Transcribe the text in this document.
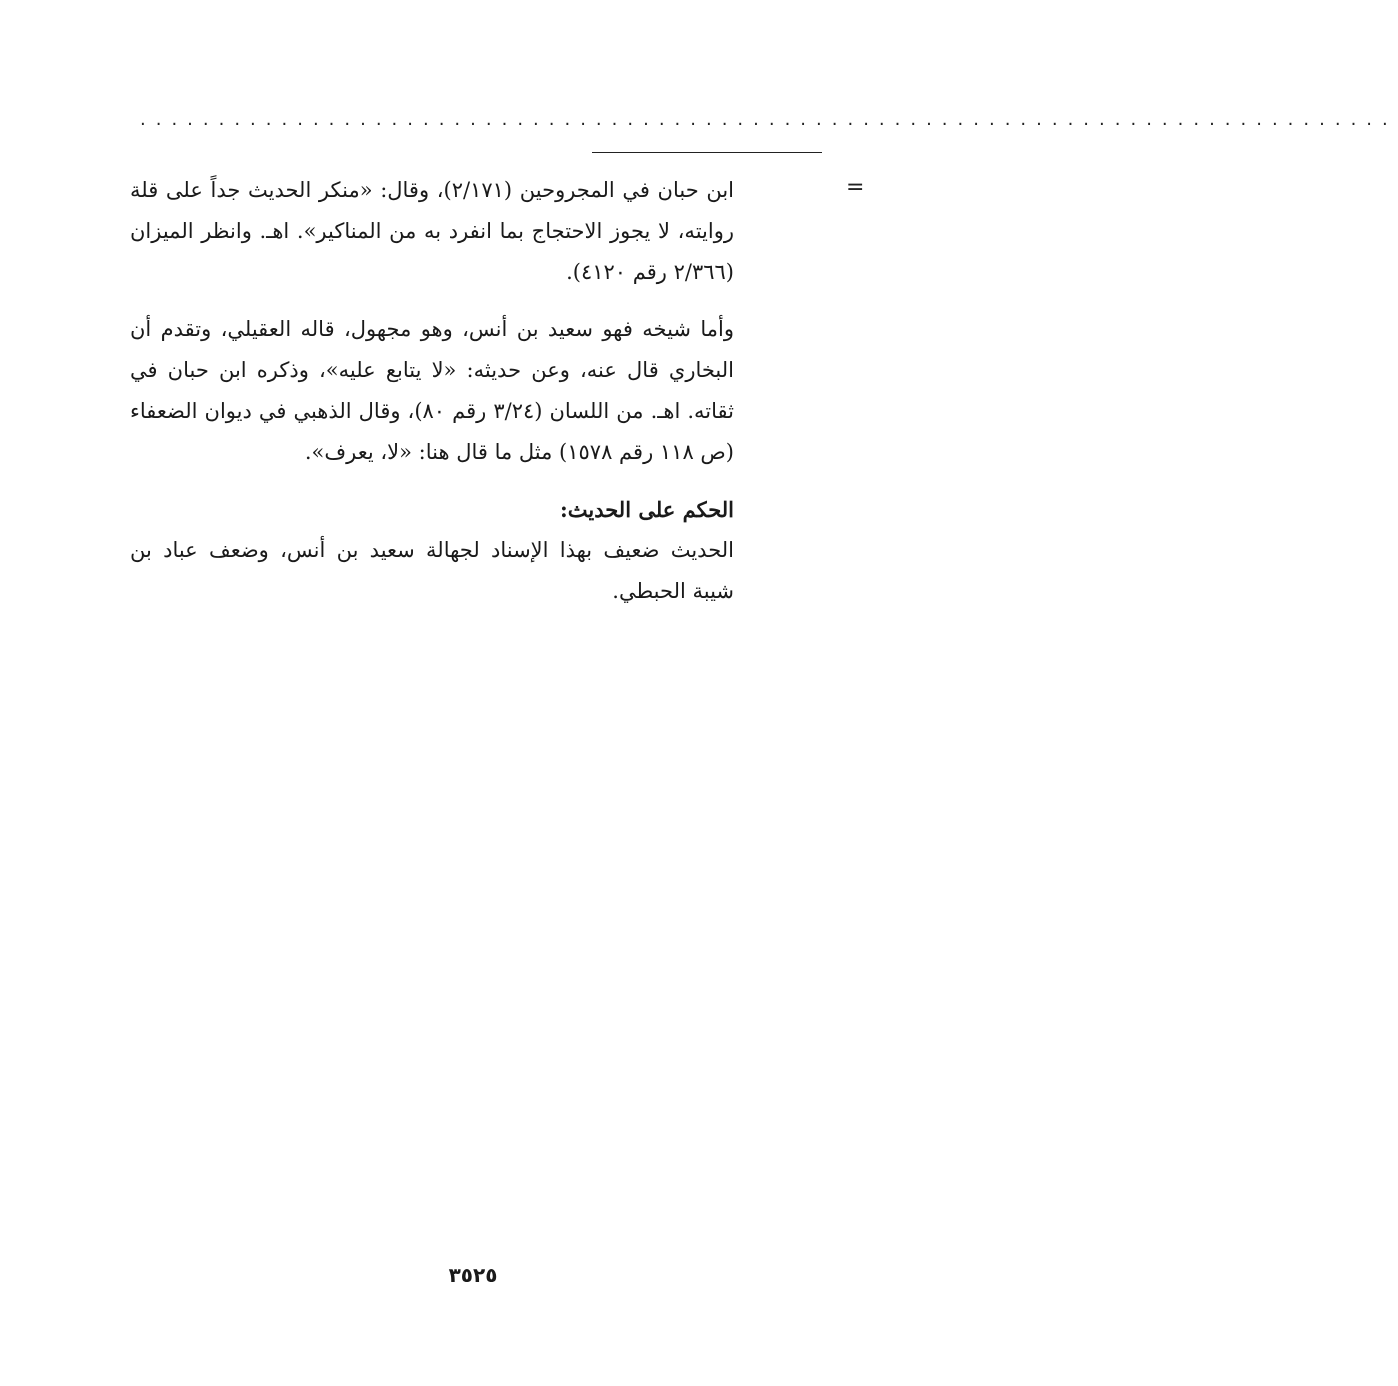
................................................................................
=

ابن حبان في المجروحين (٢/١٧١)، وقال: «منكر الحديث جداً على قلة روايته، لا يجوز الاحتجاج بما انفرد به من المناكير». اهـ. وانظر الميزان (٢/٣٦٦ رقم ٤١٢٠).

وأما شيخه فهو سعيد بن أنس، وهو مجهول، قاله العقيلي، وتقدم أن البخاري قال عنه، وعن حديثه: «لا يتابع عليه»، وذكره ابن حبان في ثقاته. اهـ. من اللسان (٣/٢٤ رقم ٨٠)، وقال الذهبي في ديوان الضعفاء (ص ١١٨ رقم ١٥٧٨) مثل ما قال هنا: «لا، يعرف».

الحكم على الحديث:

الحديث ضعيف بهذا الإسناد لجهالة سعيد بن أنس، وضعف عباد بن شيبة الحبطي.

٣٥٢٥
